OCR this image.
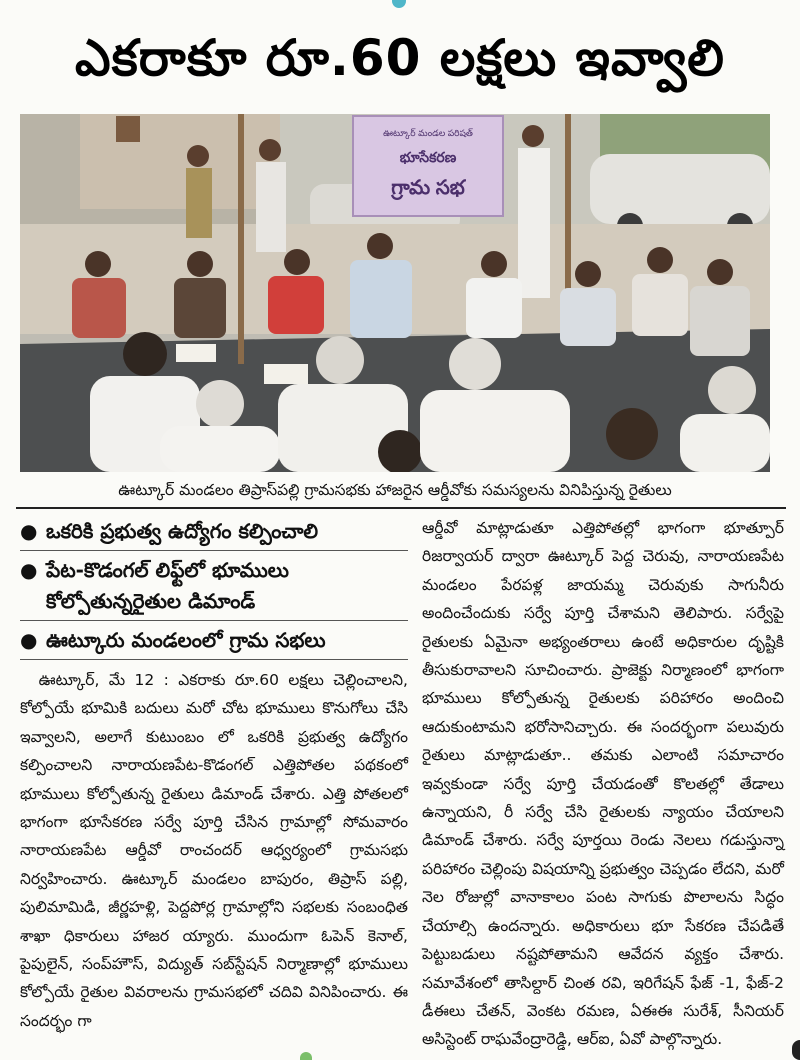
ఎకరాకూ రూ.60 లక్షలు ఇవ్వాలి
ఊట్కూర్ మండల పరిషత్
భూసేకరణ
గ్రామ సభ
ఊట్కూర్ మండలం తిప్రాస్‌పల్లి గ్రామసభకు హాజరైన ఆర్డీవోకు సమస్యలను వినిపిస్తున్న రైతులు
● ఒకరికి ప్రభుత్వ ఉద్యోగం కల్పించాలి
● పేట-కొడంగల్ లిఫ్ట్‌లో భూములు కోల్పోతున్నరైతుల డిమాండ్
● ఊట్కూరు మండలంలో గ్రామ సభలు

ఊట్కూర్, మే 12 : ఎకరాకు రూ.60 లక్షలు చెల్లించాలని, కోల్పోయే భూమికి బదులు మరో చోట భూములు కొనుగోలు చేసి ఇవ్వాలని, అలాగే కుటుంబం లో ఒకరికి ప్రభుత్వ ఉద్యోగం కల్పించాలని నారాయణపేట-కొడంగల్ ఎత్తిపోతల పథకంలో భూములు కోల్పోతున్న రైతులు డిమాండ్ చేశారు. ఎత్తి పోతలలో భాగంగా భూసేకరణ సర్వే పూర్తి చేసిన గ్రామాల్లో సోమవారం నారాయణపేట ఆర్డీవో రాంచందర్ ఆధ్వర్యంలో గ్రామసభు నిర్వహించారు. ఊట్కూర్ మండలం బాపురం, తిప్రాస్ పల్లి, పులిమామిడి, జీర్ణహళ్లి, పెద్దపోర్ల గ్రామాల్లోని సభలకు సంబంధిత శాఖా ధికారులు హాజర య్యారు. ముందుగా ఓపెన్ కెనాల్, పైపులైన్, సంప్‌హౌస్, విద్యుత్ సబ్‌స్టేషన్ నిర్మాణాల్లో భూములు కోల్పోయే రైతుల వివరాలను గ్రామసభలో చదివి వినిపించారు. ఈ సందర్భం గా

ఆర్డీవో మాట్లాడుతూ ఎత్తిపోతల్లో భాగంగా భూత్పూర్ రిజర్వాయర్ ద్వారా ఊట్కూర్ పెద్ద చెరువు, నారాయణపేట మండలం పేరపళ్ల జాయమ్మ చెరువుకు సాగునీరు అందించేందుకు సర్వే పూర్తి చేశామని తెలిపారు. సర్వేపై రైతులకు ఏమైనా అభ్యంతరాలు ఉంటే అధికారుల దృష్టికి తీసుకురావాలని సూచించారు. ప్రాజెక్టు నిర్మాణంలో భాగంగా భూములు కోల్పోతున్న రైతులకు పరిహారం అందించి ఆదుకుంటామని భరోసానిచ్చారు. ఈ సందర్భంగా పలువురు రైతులు మాట్లాడుతూ.. తమకు ఎలాంటి సమాచారం ఇవ్వకుండా సర్వే పూర్తి చేయడంతో కొలతల్లో తేడాలు ఉన్నాయని, రీ సర్వే చేసి రైతులకు న్యాయం చేయాలని డిమాండ్ చేశారు. సర్వే పూర్తయి రెండు నెలలు గడుస్తున్నా పరిహారం చెల్లింపు విషయాన్ని ప్రభుత్వం చెప్పడం లేదని, మరో నెల రోజుల్లో వానాకాలం పంట సాగుకు పొలాలను సిద్ధం చేయాల్సి ఉందన్నారు. అధికారులు భూ సేకరణ చేపడితే పెట్టుబడులు నష్టపోతామని ఆవేదన వ్యక్తం చేశారు. సమావేశంలో తాసిల్దార్ చింత రవి, ఇరిగేషన్ ఫేజ్ -1, ఫేజ్-2 డీఈలు చేతన్, వెంకట రమణ, ఏఈఈ సురేశ్, సీనియర్ అసిస్టెంట్ రాఘవేంద్రారెడ్డి, ఆర్ఐ, ఏవో పాల్గొన్నారు.
